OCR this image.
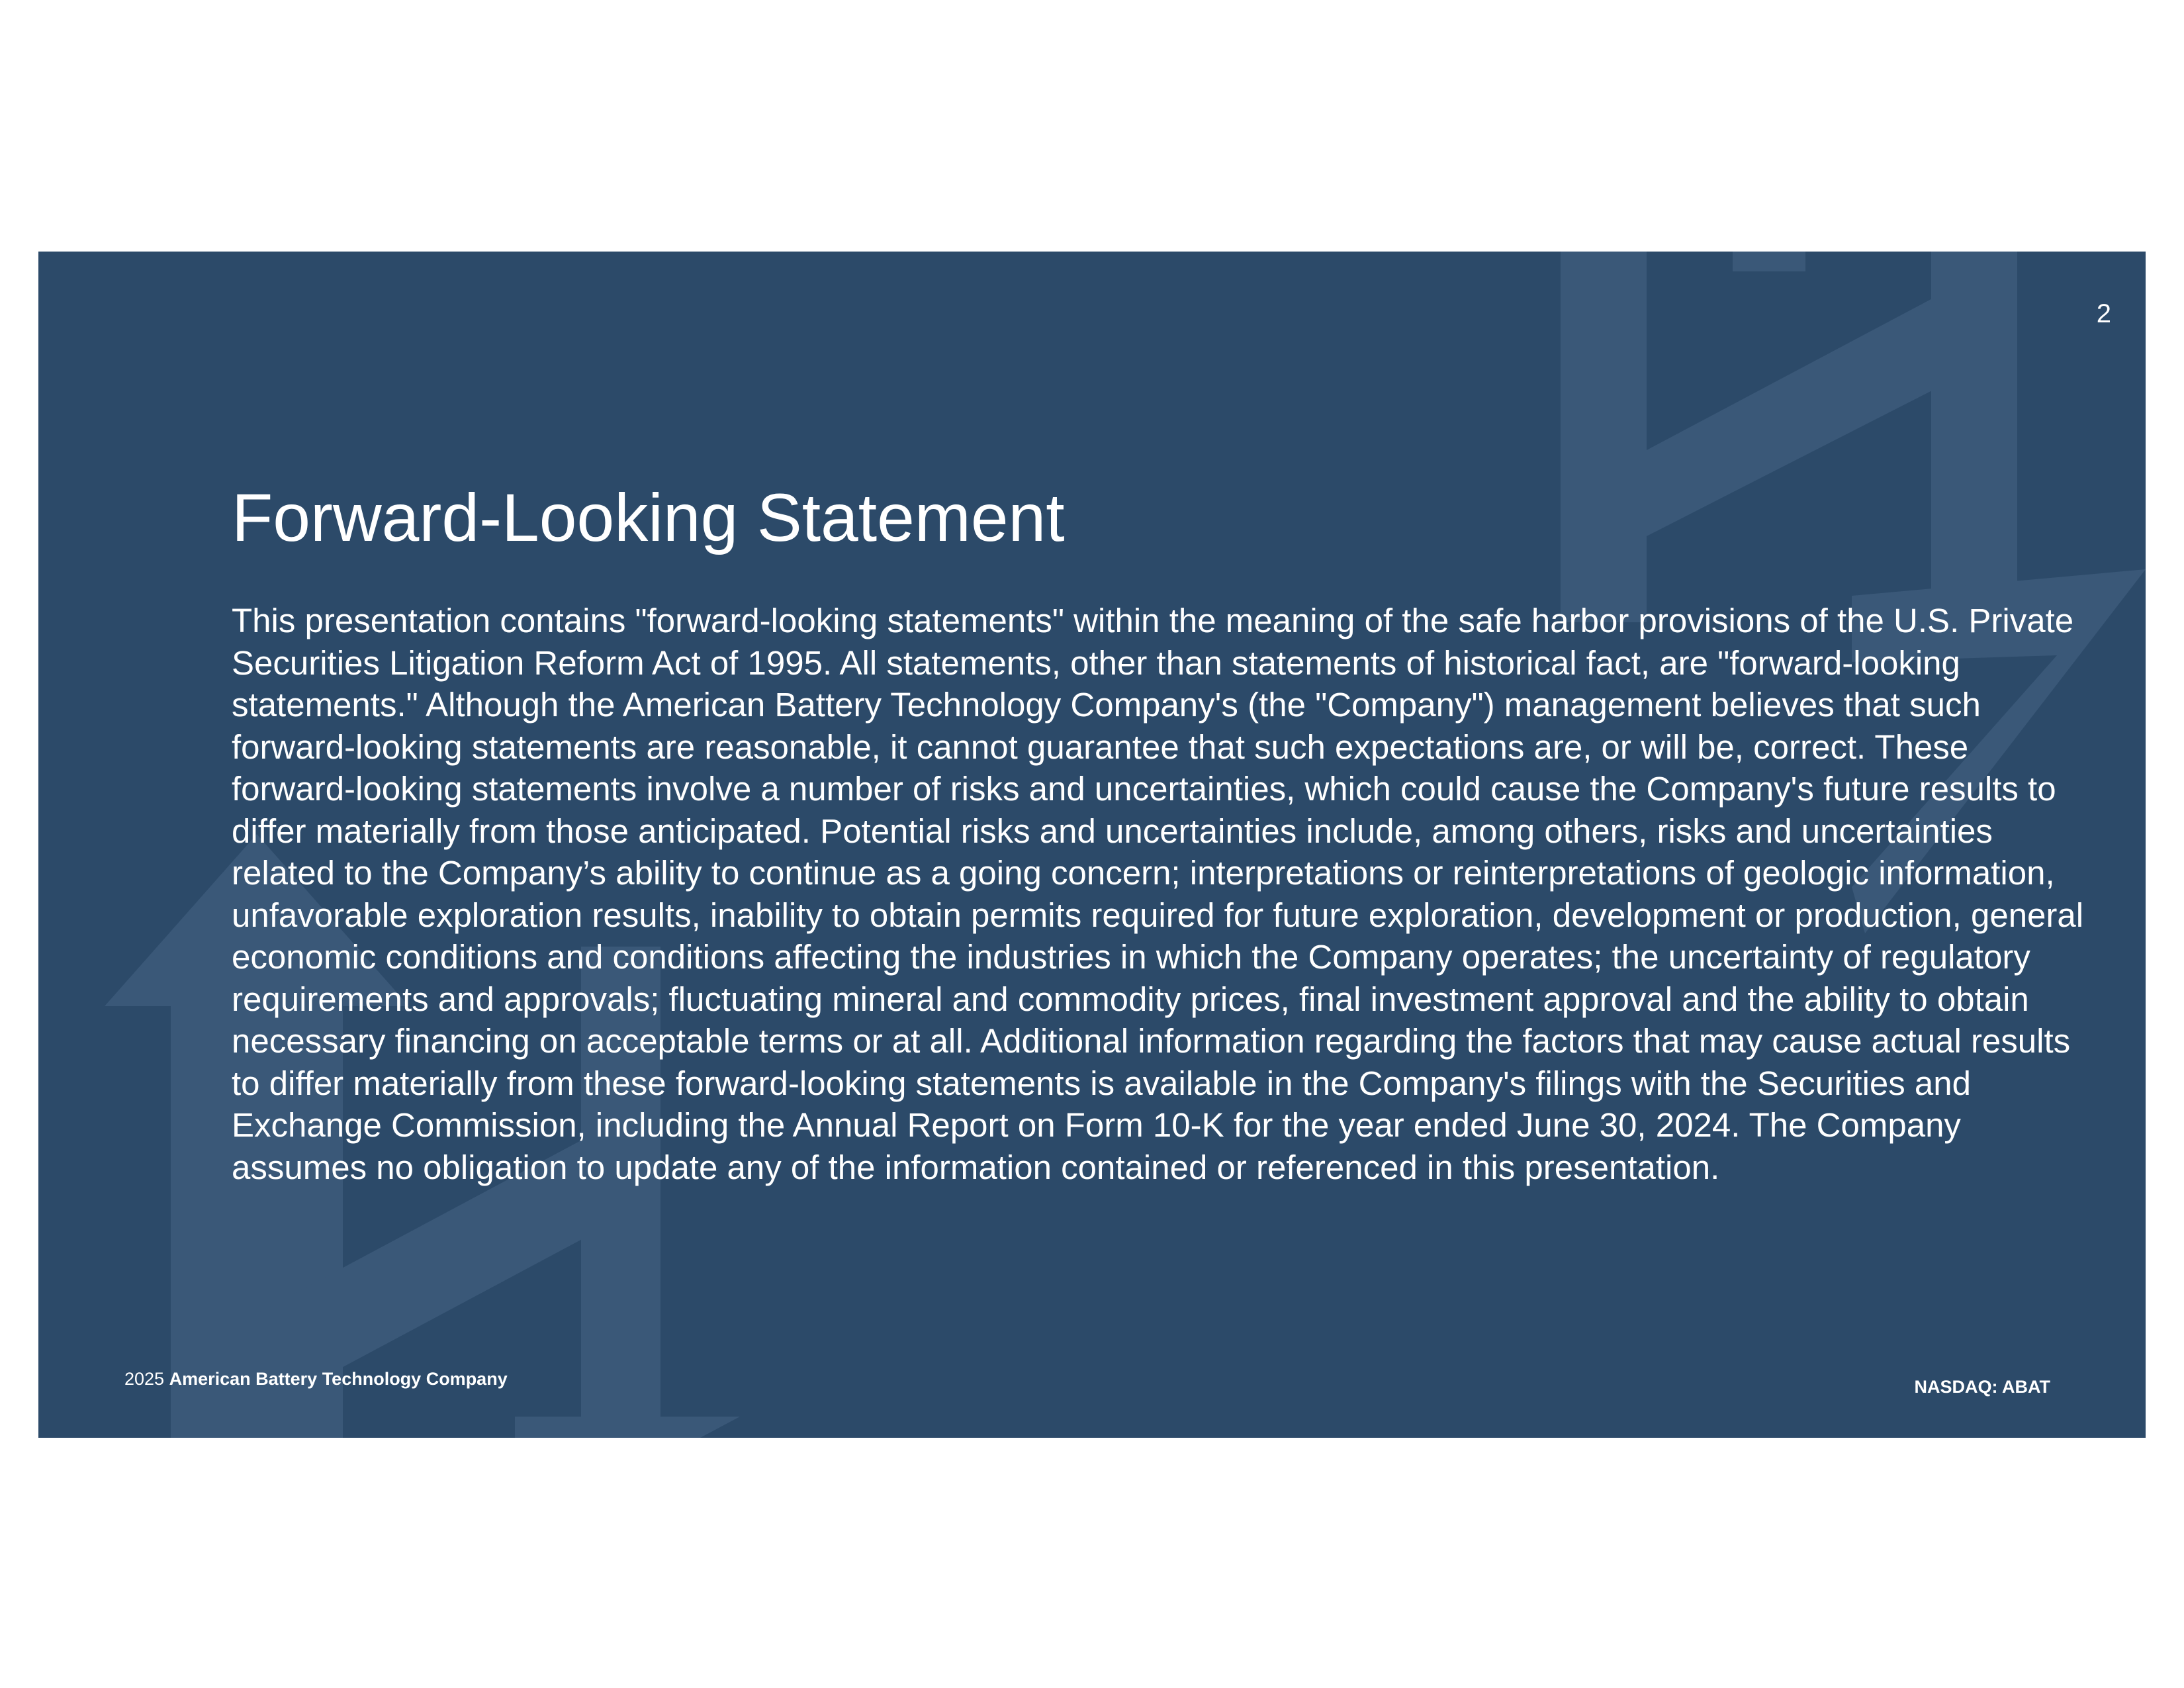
2
Forward-Looking Statement

This presentation contains "forward-looking statements" within the meaning of the safe harbor provisions of the U.S. Private Securities Litigation Reform Act of 1995. All statements, other than statements of historical fact, are "forward-looking statements." Although the American Battery Technology Company's (the "Company") management believes that such forward-looking statements are reasonable, it cannot guarantee that such expectations are, or will be, correct. These forward-looking statements involve a number of risks and uncertainties, which could cause the Company's future results to differ materially from those anticipated. Potential risks and uncertainties include, among others, risks and uncertainties related to the Company’s ability to continue as a going concern; interpretations or reinterpretations of geologic information, unfavorable exploration results, inability to obtain permits required for future exploration, development or production, general economic conditions and conditions affecting the industries in which the Company operates; the uncertainty of regulatory requirements and approvals; fluctuating mineral and commodity prices, final investment approval and the ability to obtain necessary financing on acceptable terms or at all. Additional information regarding the factors that may cause actual results to differ materially from these forward-looking statements is available in the Company's filings with the Securities and Exchange Commission, including the Annual Report on Form 10-K for the year ended June 30, 2024. The Company assumes no obligation to update any of the information contained or referenced in this presentation.

2025 American Battery Technology Company	NASDAQ: ABAT
